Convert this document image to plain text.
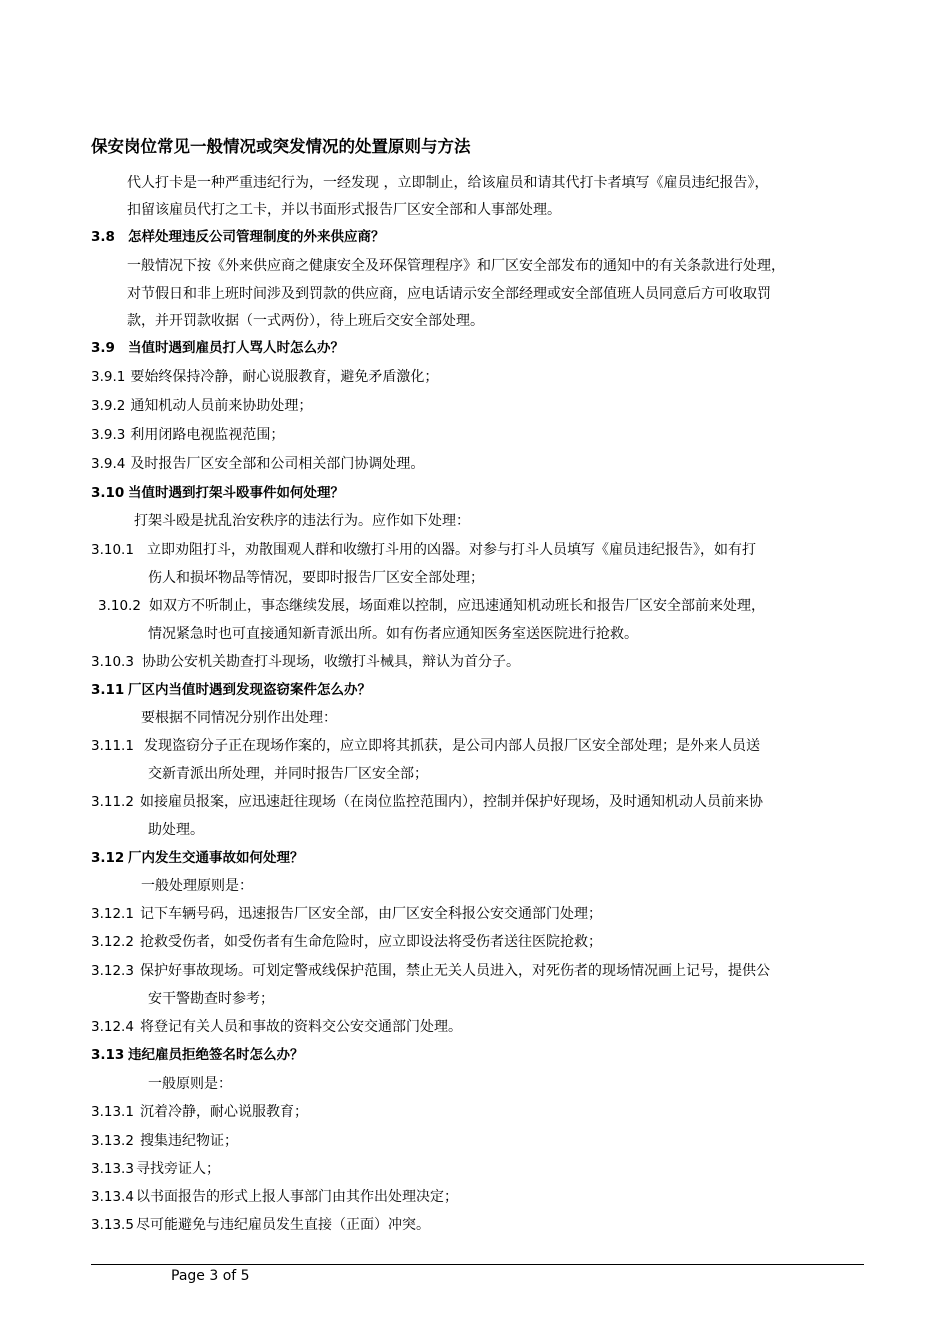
保安岗位常见一般情况或突发情况的处置原则与方法
代人打卡是一种严重违纪行为，一经发现 ，立即制止，给该雇员和请其代打卡者填写《雇员违纪报告》，
扣留该雇员代打之工卡，并以书面形式报告厂区安全部和人事部处理。
3.8 怎样处理违反公司管理制度的外来供应商？
一般情况下按《外来供应商之健康安全及环保管理程序》和厂区安全部发布的通知中的有关条款进行处理，
对节假日和非上班时间涉及到罚款的供应商，应电话请示安全部经理或安全部值班人员同意后方可收取罚
款，并开罚款收据（一式两份），待上班后交安全部处理。
3.9 当值时遇到雇员打人骂人时怎么办？
3.9.1 要始终保持冷静，耐心说服教育，避免矛盾激化；
3.9.2 通知机动人员前来协助处理；
3.9.3 利用闭路电视监视范围；
3.9.4 及时报告厂区安全部和公司相关部门协调处理。
3.10 当值时遇到打架斗殴事件如何处理？
打架斗殴是扰乱治安秩序的违法行为。应作如下处理：
3.10.1 立即劝阻打斗，劝散围观人群和收缴打斗用的凶器。对参与打斗人员填写《雇员违纪报告》，如有打
伤人和损坏物品等情况，要即时报告厂区安全部处理；
3.10.2 如双方不听制止，事态继续发展，场面难以控制，应迅速通知机动班长和报告厂区安全部前来处理，
情况紧急时也可直接通知新青派出所。如有伤者应通知医务室送医院进行抢救。
3.10.3 协助公安机关勘查打斗现场，收缴打斗械具，辩认为首分子。
3.11 厂区内当值时遇到发现盗窃案件怎么办？
要根据不同情况分别作出处理：
3.11.1 发现盗窃分子正在现场作案的，应立即将其抓获，是公司内部人员报厂区安全部处理；是外来人员送
交新青派出所处理，并同时报告厂区安全部；
3.11.2 如接雇员报案，应迅速赶往现场（在岗位监控范围内），控制并保护好现场，及时通知机动人员前来协
助处理。
3.12 厂内发生交通事故如何处理？
一般处理原则是：
3.12.1 记下车辆号码，迅速报告厂区安全部，由厂区安全科报公安交通部门处理；
3.12.2 抢救受伤者，如受伤者有生命危险时，应立即设法将受伤者送往医院抢救；
3.12.3 保护好事故现场。可划定警戒线保护范围，禁止无关人员进入，对死伤者的现场情况画上记号，提供公
安干警勘查时参考；
3.12.4 将登记有关人员和事故的资料交公安交通部门处理。
3.13 违纪雇员拒绝签名时怎么办？
一般原则是：
3.13.1 沉着冷静，耐心说服教育；
3.13.2 搜集违纪物证；
3.13.3 寻找旁证人；
3.13.4 以书面报告的形式上报人事部门由其作出处理决定；
3.13.5 尽可能避免与违纪雇员发生直接（正面）冲突。
Page 3 of 5
